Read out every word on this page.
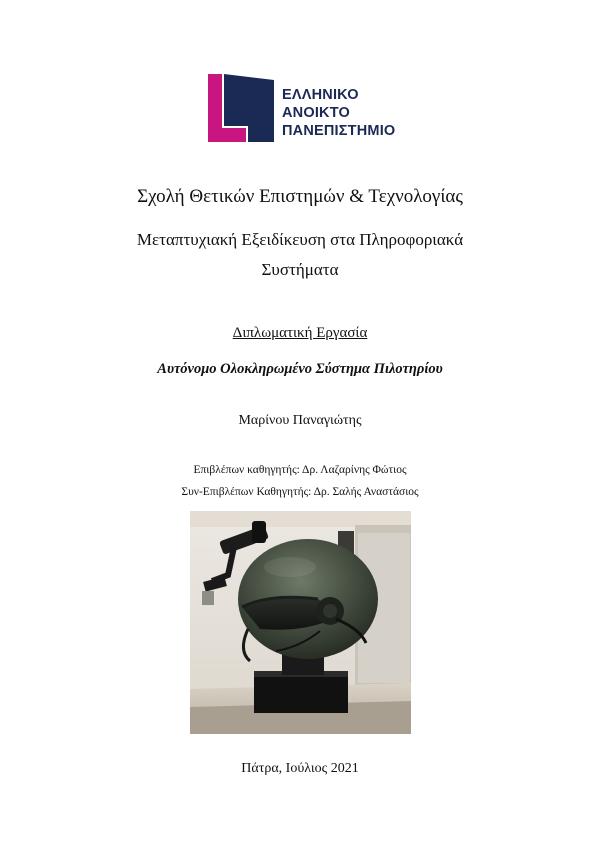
ΕΛΛΗΝΙΚΟ
ΑΝΟΙΚΤΟ
ΠΑΝΕΠΙΣΤΗΜΙΟ
Σχολή Θετικών Επιστημών & Τεχνολογίας
Μεταπτυχιακή Εξειδίκευση στα Πληροφοριακά
Συστήματα
Διπλωματική Εργασία
Αυτόνομο Ολοκληρωμένο Σύστημα Πιλοτηρίου
Μαρίνου Παναγιώτης
Επιβλέπων καθηγητής: Δρ. Λαζαρίνης Φώτιος
Συν-Επιβλέπων Καθηγητής: Δρ. Σαλής Αναστάσιος
Πάτρα, Ιούλιος 2021
